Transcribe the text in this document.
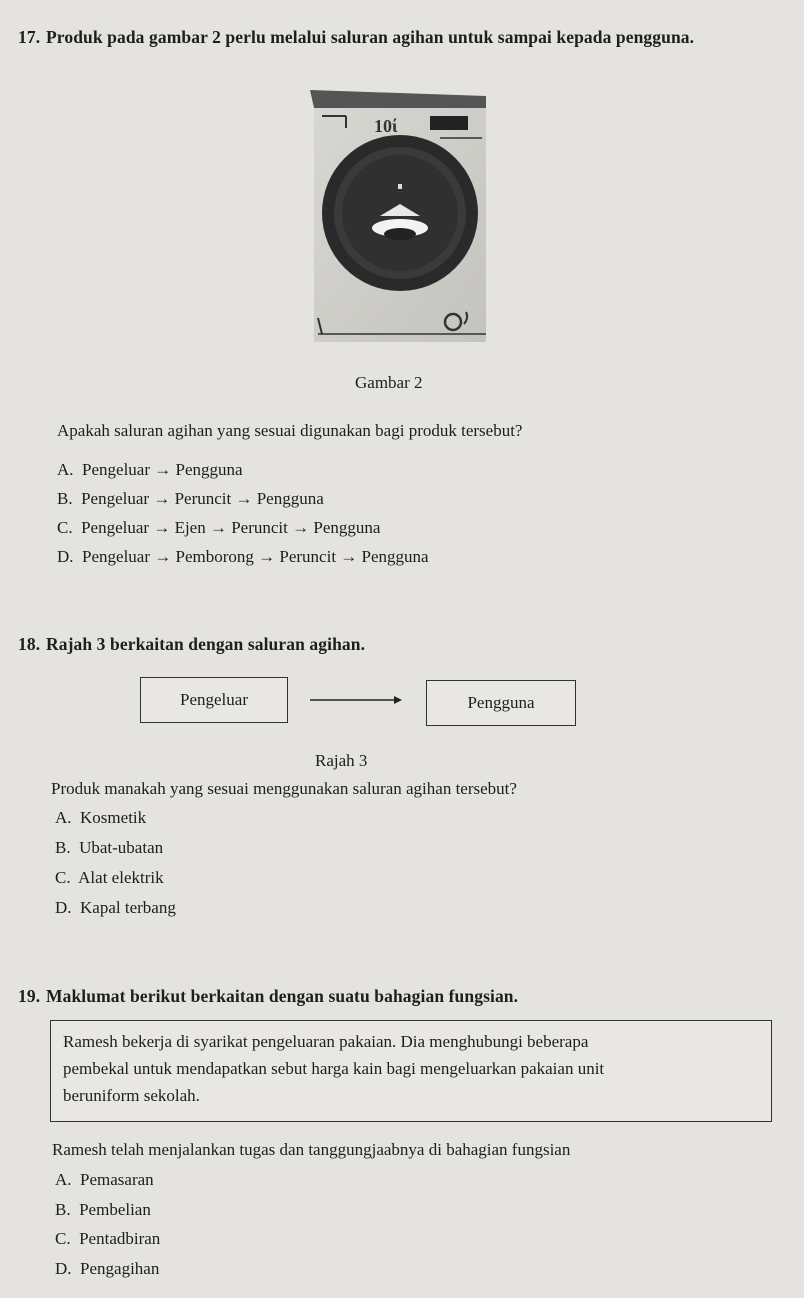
17. Produk pada gambar 2 perlu melalui saluran agihan untuk sampai kepada pengguna.
10ί
Gambar 2
Apakah saluran agihan yang sesuai digunakan bagi produk tersebut?
A. Pengeluar → Pengguna
B. Pengeluar → Peruncit → Pengguna
C. Pengeluar → Ejen → Peruncit → Pengguna
D. Pengeluar → Pemborong → Peruncit → Pengguna
18. Rajah 3 berkaitan dengan saluran agihan.
Pengeluar	Pengguna
Rajah 3
Produk manakah yang sesuai menggunakan saluran agihan tersebut?
A. Kosmetik
B. Ubat-ubatan
C. Alat elektrik
D. Kapal terbang
19. Maklumat berikut berkaitan dengan suatu bahagian fungsian.
Ramesh bekerja di syarikat pengeluaran pakaian. Dia menghubungi beberapa
pembekal untuk mendapatkan sebut harga kain bagi mengeluarkan pakaian unit
beruniform sekolah.
Ramesh telah menjalankan tugas dan tanggungjaabnya di bahagian fungsian
A. Pemasaran
B. Pembelian
C. Pentadbiran
D. Pengagihan
